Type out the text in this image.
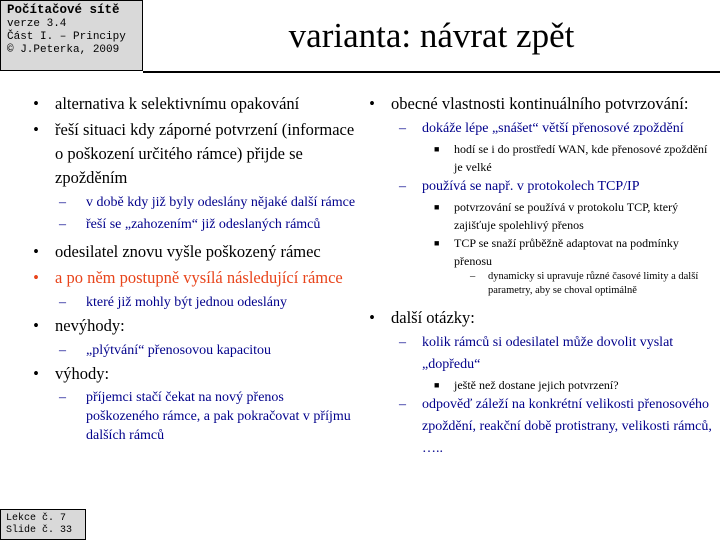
Počítačové sítě
verze 3.4
Část I. – Principy
© J.Peterka, 2009	varianta: návrat zpět
• alternativa k selektivnímu opakování
• řeší situaci kdy záporné potvrzení (informace o poškození určitého rámce) přijde se zpožděním
– v době kdy již byly odeslány nějaké další rámce
– řeší se „zahozením“ již odeslaných rámců
• odesilatel znovu vyšle poškozený rámec
• a po něm postupně vysílá následující rámce
– které již mohly být jednou odeslány
• nevýhody:
– „plýtvání“ přenosovou kapacitou
• výhody:
– příjemci stačí čekat na nový přenos poškozeného rámce, a pak pokračovat v příjmu dalších rámců
• obecné vlastnosti kontinuálního potvrzování:
– dokáže lépe „snášet“ větší přenosové zpoždění
■ hodí se i do prostředí WAN, kde přenosové zpoždění je velké
– používá se např. v protokolech TCP/IP
■ potvrzování se používá v protokolu TCP, který zajišťuje spolehlivý přenos
■ TCP se snaží průběžně adaptovat na podmínky přenosu
– dynamicky si upravuje různé časové limity a další parametry, aby se choval optimálně
• další otázky:
– kolik rámců si odesilatel může dovolit vyslat „dopředu“
■ ještě než dostane jejich potvrzení?
– odpověď záleží na konkrétní velikosti přenosového zpoždění, reakční době protistrany, velikosti rámců, …..
Lekce č. 7
Slide č. 33
